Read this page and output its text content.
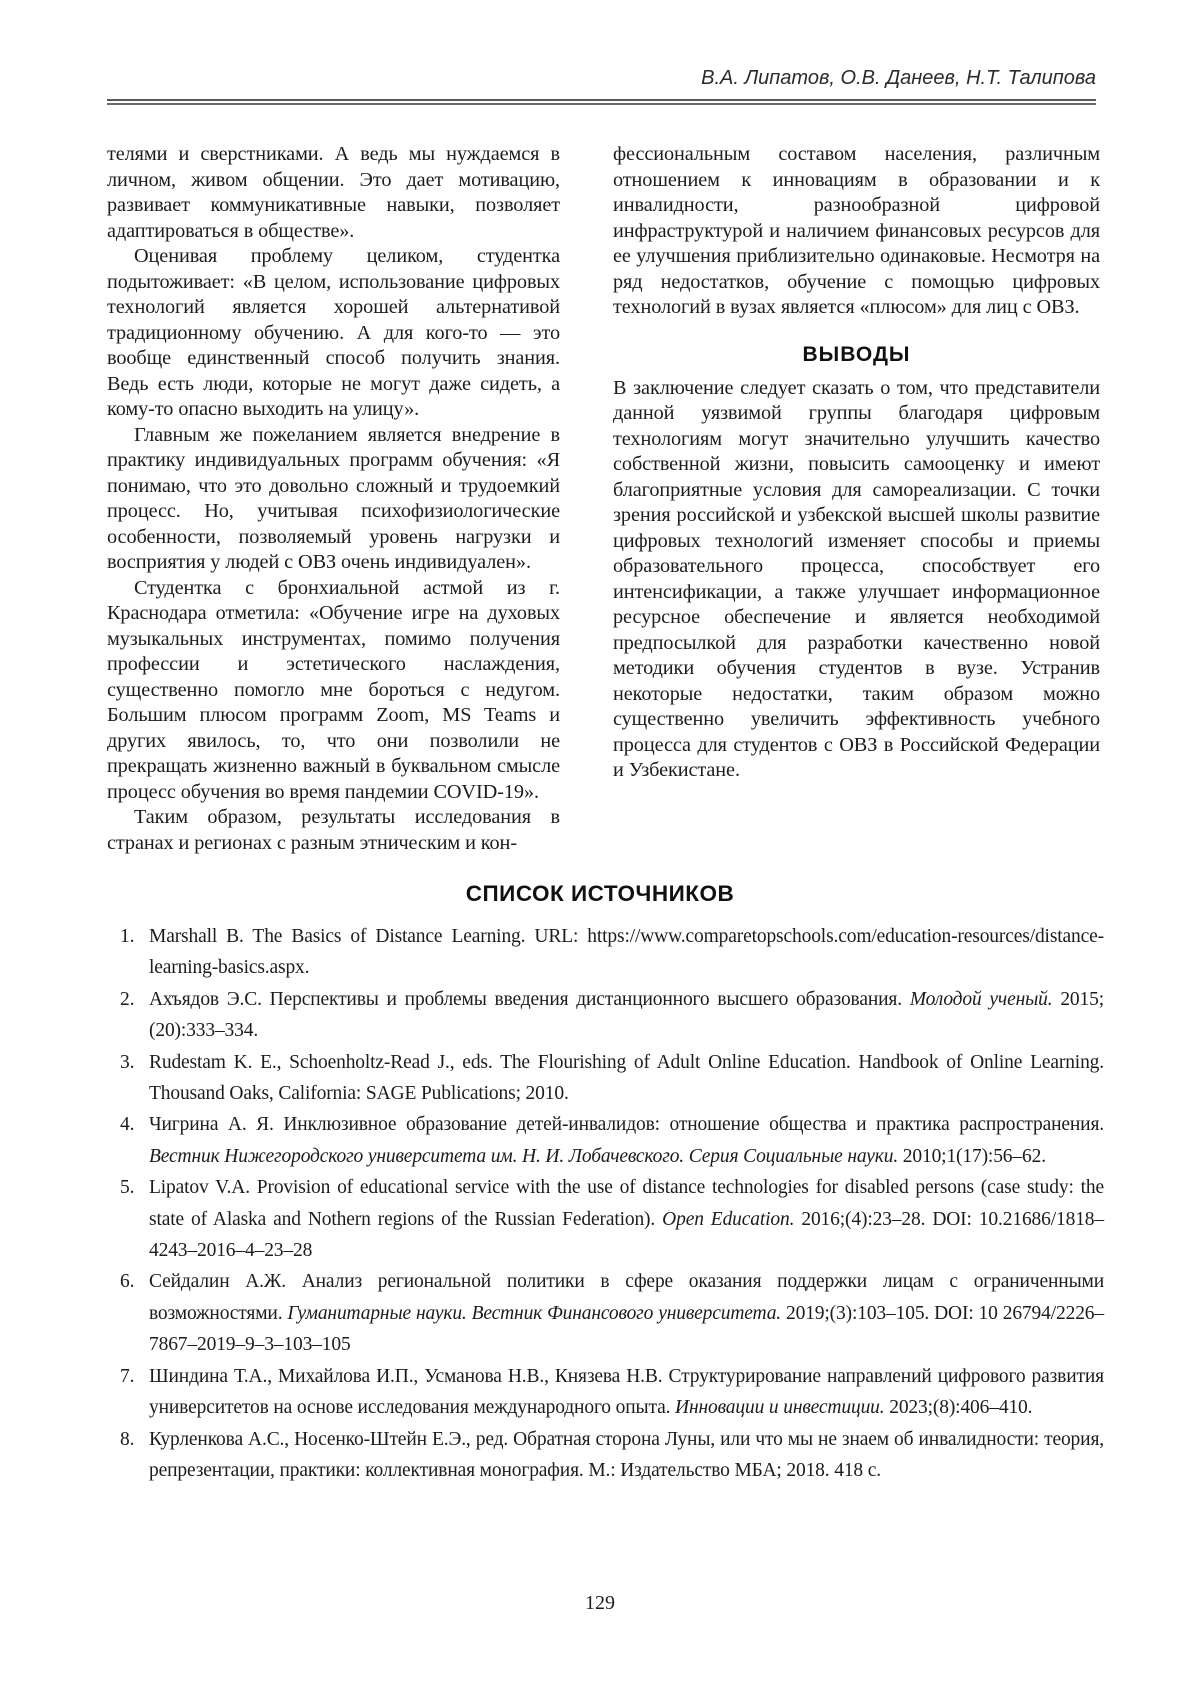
В.А. Липатов, О.В. Данеев, Н.Т. Талипова

телями и сверстниками. А ведь мы нуждаемся в личном, живом общении. Это дает мотивацию, развивает коммуникативные навыки, позволяет адаптироваться в обществе».

Оценивая проблему целиком, студентка подытоживает: «В целом, использование цифровых технологий является хорошей альтернативой традиционному обучению. А для кого-то — это вообще единственный способ получить знания. Ведь есть люди, которые не могут даже сидеть, а кому-то опасно выходить на улицу».

Главным же пожеланием является внедрение в практику индивидуальных программ обучения: «Я понимаю, что это довольно сложный и трудоемкий процесс. Но, учитывая психофизиологические особенности, позволяемый уровень нагрузки и восприятия у людей с ОВЗ очень индивидуален».

Студентка с бронхиальной астмой из г. Краснодара отметила: «Обучение игре на духовых музыкальных инструментах, помимо получения профессии и эстетического наслаждения, существенно помогло мне бороться с недугом. Большим плюсом программ Zoom, MS Teams и других явилось, то, что они позволили не прекращать жизненно важный в буквальном смысле процесс обучения во время пандемии COVID-19».

Таким образом, результаты исследования в странах и регионах с разным этническим и кон-

фессиональным составом населения, различным отношением к инновациям в образовании и к инвалидности, разнообразной цифровой инфраструктурой и наличием финансовых ресурсов для ее улучшения приблизительно одинаковые. Несмотря на ряд недостатков, обучение с помощью цифровых технологий в вузах является «плюсом» для лиц с ОВЗ.

ВЫВОДЫ

В заключение следует сказать о том, что представители данной уязвимой группы благодаря цифровым технологиям могут значительно улучшить качество собственной жизни, повысить самооценку и имеют благоприятные условия для самореализации. С точки зрения российской и узбекской высшей школы развитие цифровых технологий изменяет способы и приемы образовательного процесса, способствует его интенсификации, а также улучшает информационное ресурсное обеспечение и является необходимой предпосылкой для разработки качественно новой методики обучения студентов в вузе. Устранив некоторые недостатки, таким образом можно существенно увеличить эффективность учебного процесса для студентов с ОВЗ в Российской Федерации и Узбекистане.

СПИСОК ИСТОЧНИКОВ
1. Marshall B. The Basics of Distance Learning. URL: https://www.comparetopschools.com/education-resources/distance-learning-basics.aspx.
2. Ахъядов Э.С. Перспективы и проблемы введения дистанционного высшего образования. Молодой ученый. 2015;(20):333–334.
3. Rudestam K. E., Schoenholtz-Read J., eds. The Flourishing of Adult Online Education. Handbook of Online Learning. Thousand Oaks, California: SAGE Publications; 2010.
4. Чигрина А. Я. Инклюзивное образование детей-инвалидов: отношение общества и практика распространения. Вестник Нижегородского университета им. Н. И. Лобачевского. Серия Социальные науки. 2010;1(17):56–62.
5. Lipatov V.A. Provision of educational service with the use of distance technologies for disabled persons (case study: the state of Alaska and Nothern regions of the Russian Federation). Open Education. 2016;(4):23–28. DOI: 10.21686/1818–4243–2016–4–23–28
6. Сейдалин А.Ж. Анализ региональной политики в сфере оказания поддержки лицам с ограниченными возможностями. Гуманитарные науки. Вестник Финансового университета. 2019;(3):103–105. DOI: 10 26794/2226–7867–2019–9–3–103–105
7. Шиндина Т.А., Михайлова И.П., Усманова Н.В., Князева Н.В. Структурирование направлений цифрового развития университетов на основе исследования международного опыта. Инновации и инвестиции. 2023;(8):406–410.
8. Курленкова А.С., Носенко-Штейн Е.Э., ред. Обратная сторона Луны, или что мы не знаем об инвалидности: теория, репрезентации, практики: коллективная монография. М.: Издательство МБА; 2018. 418 с.
129
